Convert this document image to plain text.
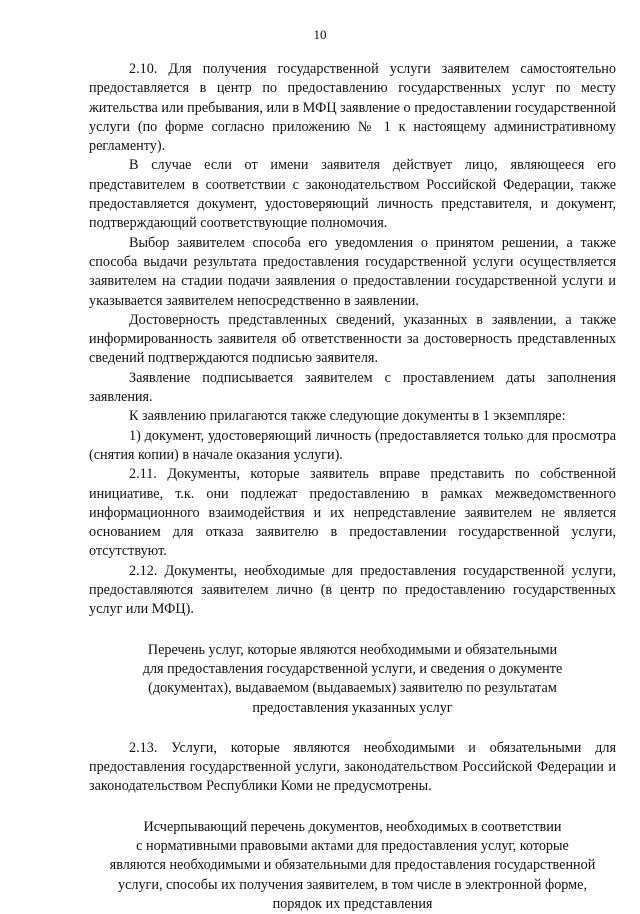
10

2.10. Для получения государственной услуги заявителем самостоятельно предоставляется в центр по предоставлению государственных услуг по месту жительства или пребывания, или в МФЦ заявление о предоставлении государственной услуги (по форме согласно приложению № 1 к настоящему административному регламенту).

В случае если от имени заявителя действует лицо, являющееся его представителем в соответствии с законодательством Российской Федерации, также предоставляется документ, удостоверяющий личность представителя, и документ, подтверждающий соответствующие полномочия.

Выбор заявителем способа его уведомления о принятом решении, а также способа выдачи результата предоставления государственной услуги осуществляется заявителем на стадии подачи заявления о предоставлении государственной услуги и указывается заявителем непосредственно в заявлении.

Достоверность представленных сведений, указанных в заявлении, а также информированность заявителя об ответственности за достоверность представленных сведений подтверждаются подписью заявителя.

Заявление подписывается заявителем с проставлением даты заполнения заявления.

К заявлению прилагаются также следующие документы в 1 экземпляре:

1) документ, удостоверяющий личность (предоставляется только для просмотра (снятия копии) в начале оказания услуги).

2.11. Документы, которые заявитель вправе представить по собственной инициативе, т.к. они подлежат предоставлению в рамках межведомственного информационного взаимодействия и их непредставление заявителем не является основанием для отказа заявителю в предоставлении государственной услуги, отсутствуют.

2.12. Документы, необходимые для предоставления государственной услуги, предоставляются заявителем лично (в центр по предоставлению государственных услуг или МФЦ).

Перечень услуг, которые являются необходимыми и обязательными

для предоставления государственной услуги, и сведения о документе

(документах), выдаваемом (выдаваемых) заявителю по результатам

предоставления указанных услуг

2.13. Услуги, которые являются необходимыми и обязательными для предоставления государственной услуги, законодательством Российской Федерации и законодательством Республики Коми не предусмотрены.

Исчерпывающий перечень документов, необходимых в соответствии

с нормативными правовыми актами для предоставления услуг, которые

являются необходимыми и обязательными для предоставления государственной

услуги, способы их получения заявителем, в том числе в электронной форме,

порядок их представления
